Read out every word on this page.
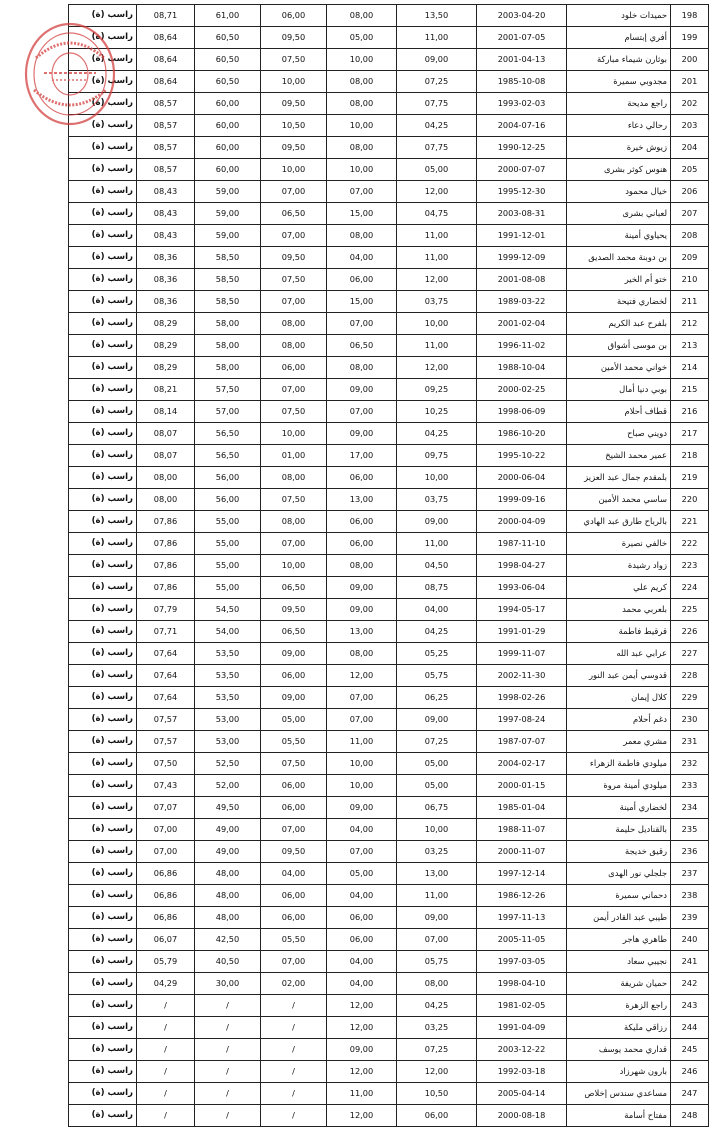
راسب (ة)	08,71	61,00	06,00	08,00	13,50	2003-04-20	حميدات خلود	198
راسب (ة)	08,64	60,50	09,50	05,00	11,00	2001-07-05	أفري إبتسام	199
راسب (ة)	08,64	60,50	07,50	10,00	09,00	2001-04-13	بوثارن شيماء مباركة	200
راسب (ة)	08,64	60,50	10,00	08,00	07,25	1985-10-08	مجدوبي سميرة	201
راسب (ة)	08,57	60,00	09,50	08,00	07,75	1993-02-03	راجع مديحة	202
راسب (ة)	08,57	60,00	10,50	10,00	04,25	2004-07-16	رحالي دعاء	203
راسب (ة)	08,57	60,00	09,50	08,00	07,75	1990-12-25	زيوش خيرة	204
راسب (ة)	08,57	60,00	10,00	10,00	05,00	2000-07-07	هنوس كوثر بشرى	205
راسب (ة)	08,43	59,00	07,00	07,00	12,00	1995-12-30	خيال محمود	206
راسب (ة)	08,43	59,00	06,50	15,00	04,75	2003-08-31	لعباني بشرى	207
راسب (ة)	08,43	59,00	07,00	08,00	11,00	1991-12-01	يحياوي أمينة	208
راسب (ة)	08,36	58,50	09,50	04,00	11,00	1999-12-09	بن دوبنة محمد الصديق	209
راسب (ة)	08,36	58,50	07,50	06,00	12,00	2001-08-08	ختو أم الخير	210
راسب (ة)	08,36	58,50	07,00	15,00	03,75	1989-03-22	لخضاري فتيحة	211
راسب (ة)	08,29	58,00	08,00	07,00	10,00	2001-02-04	بلفرح عبد الكريم	212
راسب (ة)	08,29	58,00	08,00	06,50	11,00	1996-11-02	بن موسى أشواق	213
راسب (ة)	08,29	58,00	06,00	08,00	12,00	1988-10-04	خواني محمد الأمين	214
راسب (ة)	08,21	57,50	07,00	09,00	09,25	2000-02-25	بوبي دنيا أمال	215
راسب (ة)	08,14	57,00	07,50	07,00	10,25	1998-06-09	قطاف أحلام	216
راسب (ة)	08,07	56,50	10,00	09,00	04,25	1986-10-20	دويني صباح	217
راسب (ة)	08,07	56,50	01,00	17,00	09,75	1995-10-22	عمير محمد الشيخ	218
راسب (ة)	08,00	56,00	08,00	06,00	10,00	2000-06-04	بلمقدم جمال عبد العزيز	219
راسب (ة)	08,00	56,00	07,50	13,00	03,75	1999-09-16	ساسي محمد الأمين	220
راسب (ة)	07,86	55,00	08,00	06,00	09,00	2000-04-09	بالرباح طارق عبد الهادي	221
راسب (ة)	07,86	55,00	07,00	06,00	11,00	1987-11-10	خالفي نصيرة	222
راسب (ة)	07,86	55,00	10,00	08,00	04,50	1998-04-27	زواد رشيدة	223
راسب (ة)	07,86	55,00	06,50	09,00	08,75	1993-06-04	كريم علي	224
راسب (ة)	07,79	54,50	09,50	09,00	04,00	1994-05-17	بلعربي محمد	225
راسب (ة)	07,71	54,00	06,50	13,00	04,25	1991-01-29	قرقيط فاطمة	226
راسب (ة)	07,64	53,50	09,00	08,00	05,25	1999-11-07	عرابي عبد الله	227
راسب (ة)	07,64	53,50	06,00	12,00	05,75	2002-11-30	قدوسي أيمن عبد النور	228
راسب (ة)	07,64	53,50	09,00	07,00	06,25	1998-02-26	كلال إيمان	229
راسب (ة)	07,57	53,00	05,00	07,00	09,00	1997-08-24	دغم أحلام	230
راسب (ة)	07,57	53,00	05,50	11,00	07,25	1987-07-07	مشري معمر	231
راسب (ة)	07,50	52,50	07,50	10,00	05,00	2004-02-17	ميلودي فاطمة الزهراء	232
راسب (ة)	07,43	52,00	06,00	10,00	05,00	2000-01-15	ميلودي أمينة مروة	233
راسب (ة)	07,07	49,50	06,00	09,00	06,75	1985-01-04	لخضاري أمينة	234
راسب (ة)	07,00	49,00	07,00	04,00	10,00	1988-11-07	بالقناديل حليمة	235
راسب (ة)	07,00	49,00	09,50	07,00	03,25	2000-11-07	رقيق خديجة	236
راسب (ة)	06,86	48,00	04,00	05,00	13,00	1997-12-14	جلجلي نور الهدى	237
راسب (ة)	06,86	48,00	06,00	04,00	11,00	1986-12-26	دحماني سميرة	238
راسب (ة)	06,86	48,00	06,00	06,00	09,00	1997-11-13	طيبي عبد القادر أيمن	239
راسب (ة)	06,07	42,50	05,50	06,00	07,00	2005-11-05	طاهري هاجر	240
راسب (ة)	05,79	40,50	07,00	04,00	05,75	1997-03-05	نجيبي سعاد	241
راسب (ة)	04,29	30,00	02,00	04,00	08,00	1998-04-10	حميان شريفة	242
راسب (ة)	/	/	/	12,00	04,25	1981-02-05	راجع الزهرة	243
راسب (ة)	/	/	/	12,00	03,25	1991-04-09	رزاقي مليكة	244
راسب (ة)	/	/	/	09,00	07,25	2003-12-22	قداري محمد يوسف	245
راسب (ة)	/	/	/	12,00	12,00	1992-03-18	بارون شهرزاد	246
راسب (ة)	/	/	/	11,00	10,50	2005-04-14	مساعدي سندس إخلاص	247
راسب (ة)	/	/	/	12,00	06,00	2000-08-18	مفتاح أسامة	248
